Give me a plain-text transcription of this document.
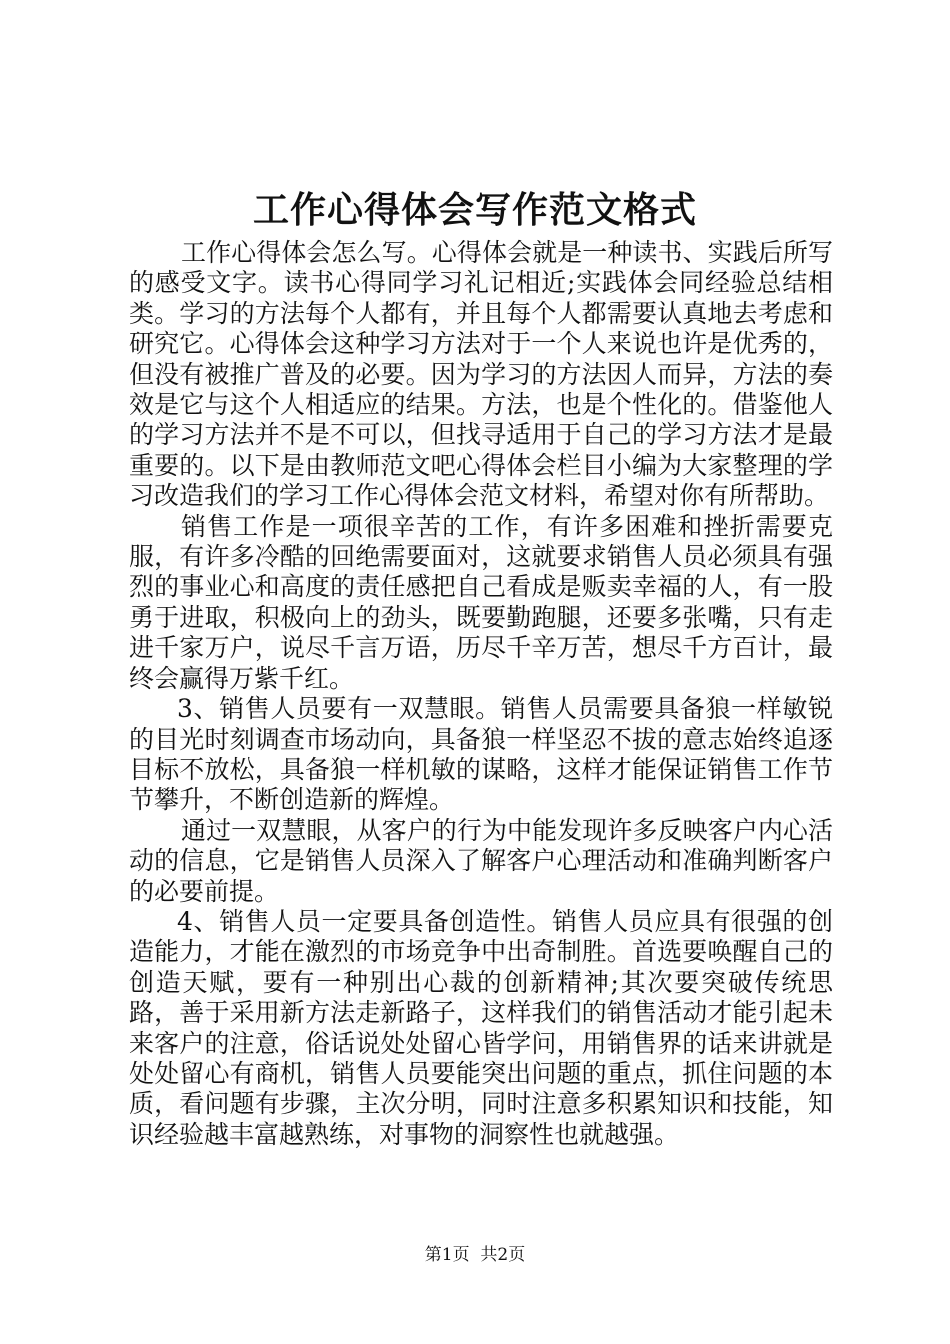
工作心得体会写作范文格式

工作心得体会怎么写。心得体会就是一种读书、实践后所写的感受文字。读书心得同学习礼记相近;实践体会同经验总结相类。学习的方法每个人都有，并且每个人都需要认真地去考虑和研究它。心得体会这种学习方法对于一个人来说也许是优秀的，但没有被推广普及的必要。因为学习的方法因人而异，方法的奏效是它与这个人相适应的结果。方法，也是个性化的。借鉴他人的学习方法并不是不可以，但找寻适用于自己的学习方法才是最重要的。以下是由教师范文吧心得体会栏目小编为大家整理的学习改造我们的学习工作心得体会范文材料，希望对你有所帮助。

销售工作是一项很辛苦的工作，有许多困难和挫折需要克服，有许多冷酷的回绝需要面对，这就要求销售人员必须具有强烈的事业心和高度的责任感把自己看成是贩卖幸福的人，有一股勇于进取，积极向上的劲头，既要勤跑腿，还要多张嘴，只有走进千家万户，说尽千言万语，历尽千辛万苦，想尽千方百计，最终会赢得万紫千红。

3、销售人员要有一双慧眼。销售人员需要具备狼一样敏锐的目光时刻调查市场动向，具备狼一样坚忍不拔的意志始终追逐目标不放松，具备狼一样机敏的谋略，这样才能保证销售工作节节攀升，不断创造新的辉煌。

通过一双慧眼，从客户的行为中能发现许多反映客户内心活动的信息，它是销售人员深入了解客户心理活动和准确判断客户的必要前提。

4、销售人员一定要具备创造性。销售人员应具有很强的创造能力，才能在激烈的市场竞争中出奇制胜。首选要唤醒自己的创造天赋，要有一种别出心裁的创新精神;其次要突破传统思路，善于采用新方法走新路子，这样我们的销售活动才能引起未来客户的注意，俗话说处处留心皆学问，用销售界的话来讲就是处处留心有商机，销售人员要能突出问题的重点，抓住问题的本质，看问题有步骤，主次分明，同时注意多积累知识和技能，知识经验越丰富越熟练，对事物的洞察性也就越强。

第1页 共2页
